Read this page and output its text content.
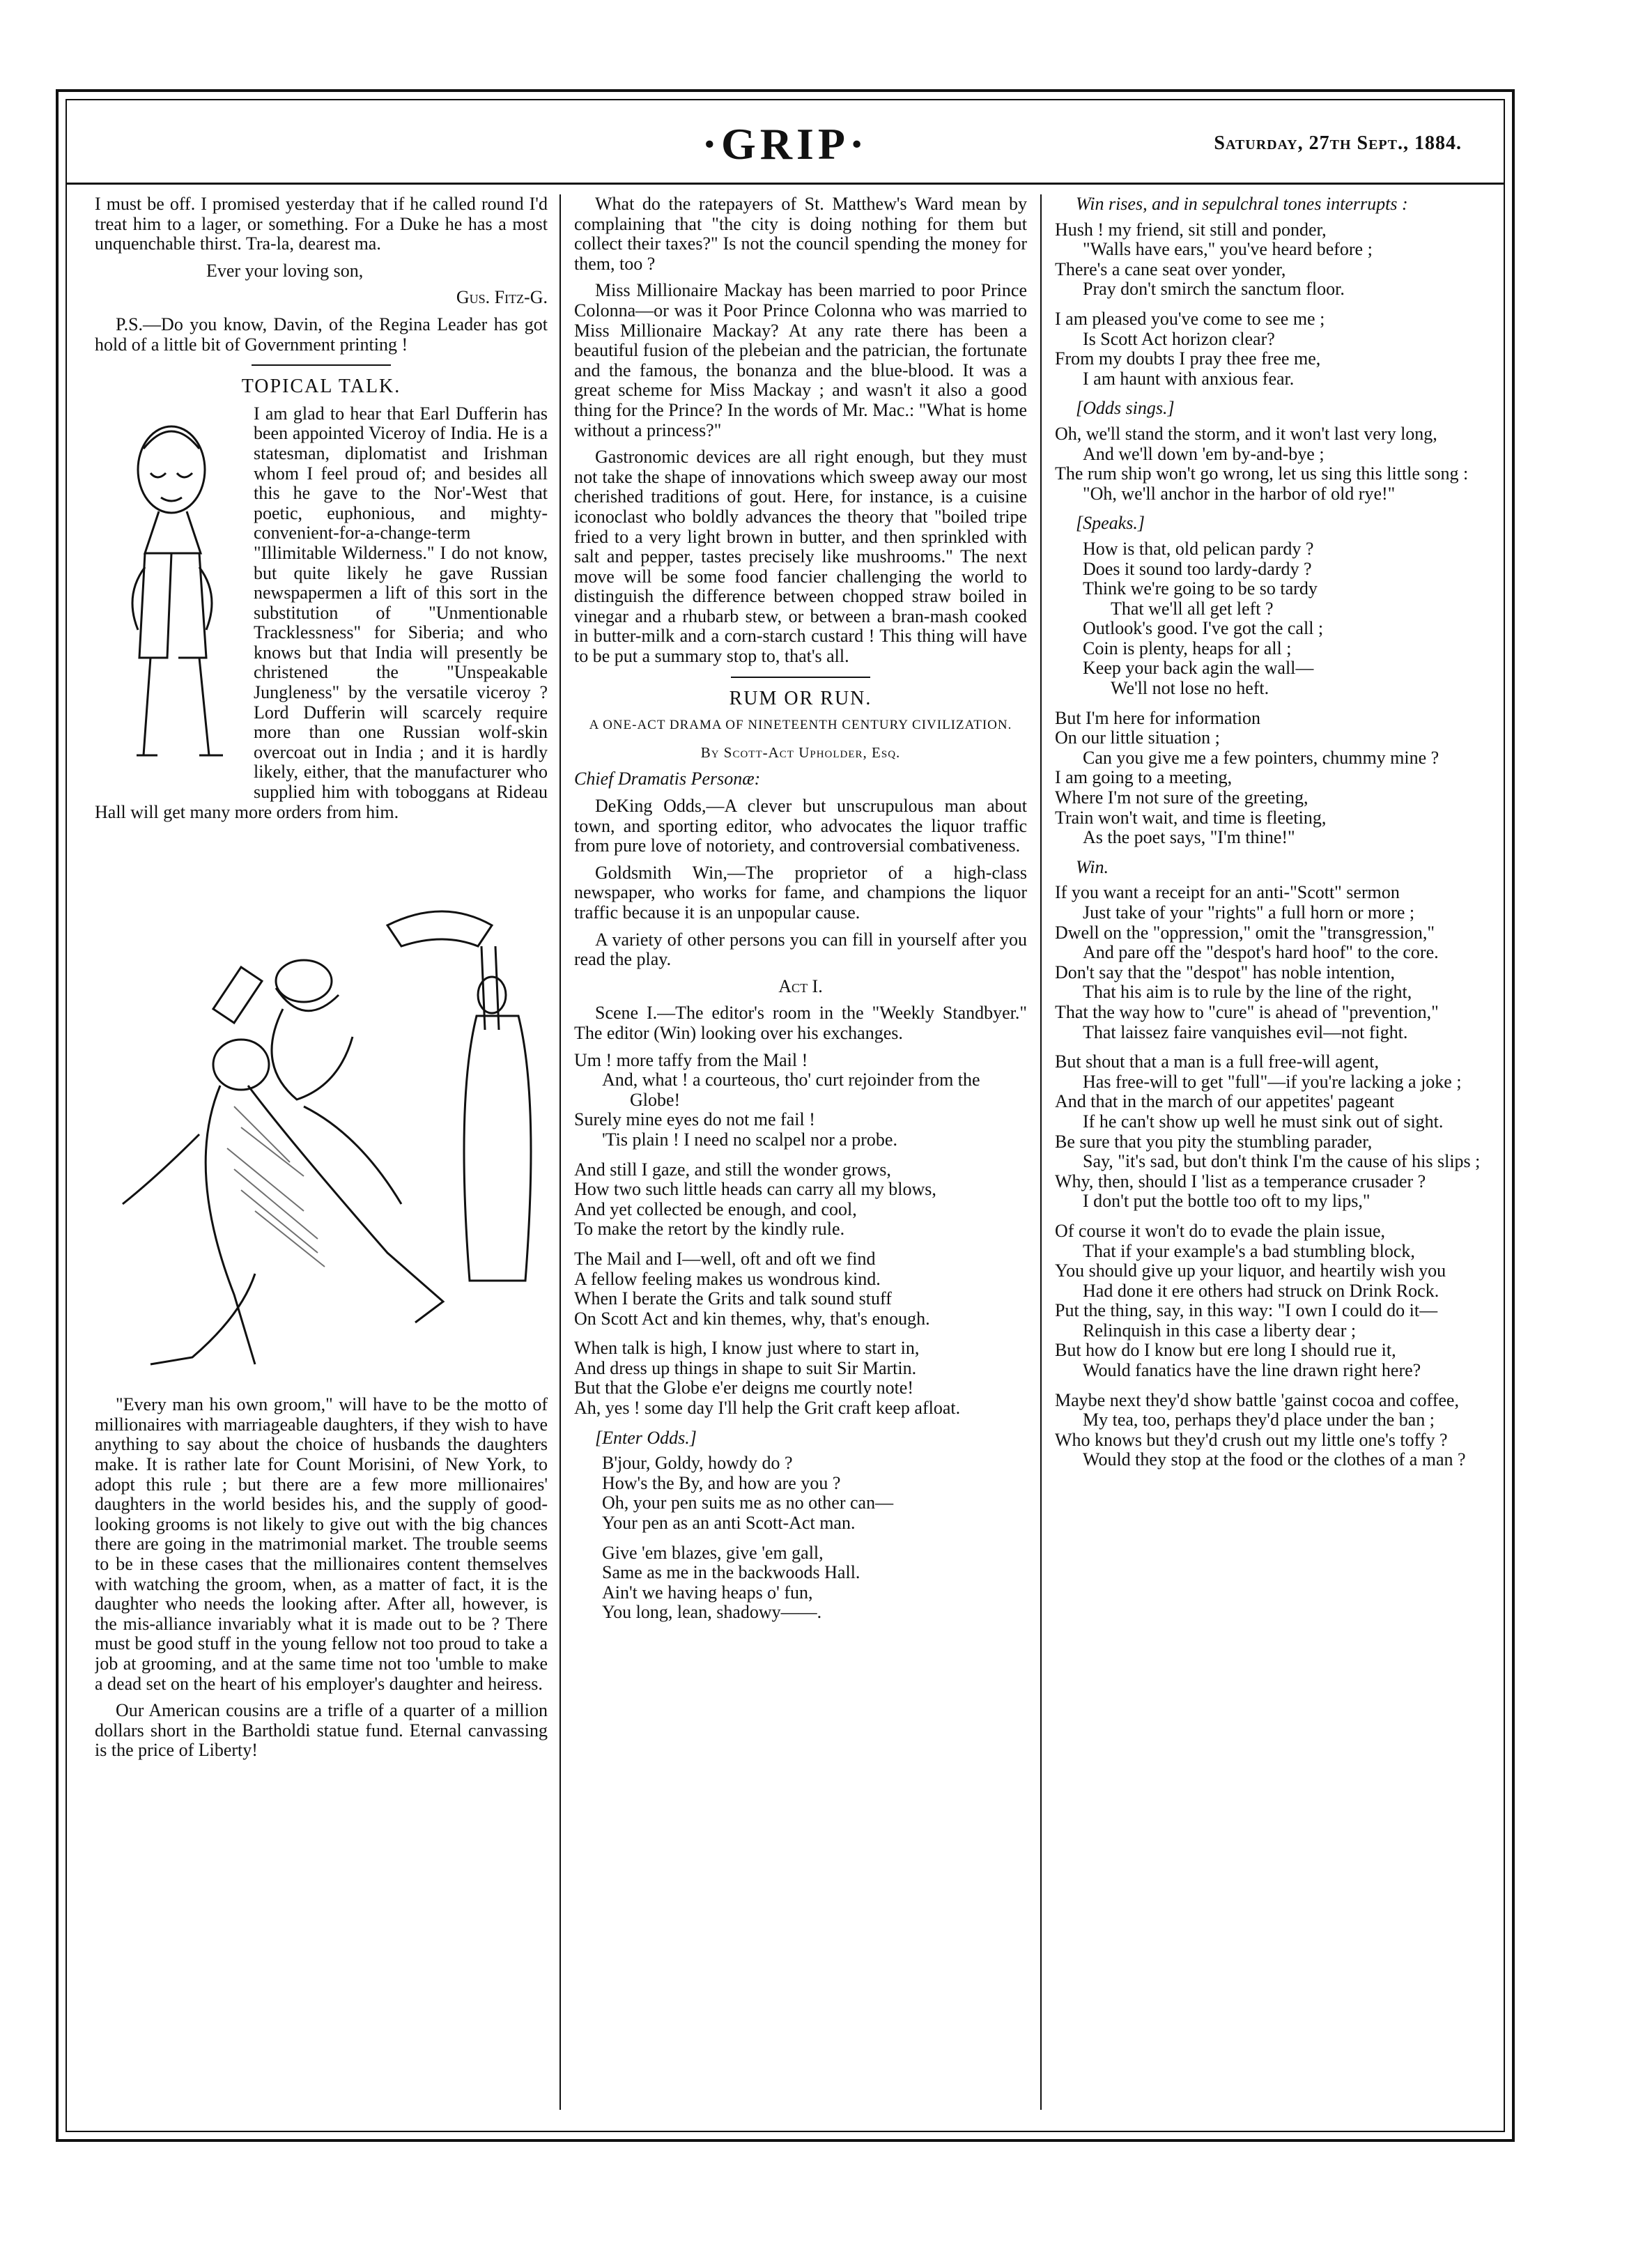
·GRIP·	Saturday, 27th Sept., 1884.

I must be off. I promised yesterday that if he called round I'd treat him to a lager, or something. For a Duke he has a most unquenchable thirst. Tra-la, dearest ma.

Ever your loving son,

Gus. Fitz-G.

P.S.—Do you know, Davin, of the Regina Leader has got hold of a little bit of Government printing !

TOPICAL TALK.

I am glad to hear that Earl Dufferin has been appointed Viceroy of India. He is a statesman, diplomatist and Irishman whom I feel proud of; and besides all this he gave to the Nor'-West that poetic, euphonious, and mighty-convenient-for-a-change-term "Illimitable Wilderness." I do not know, but quite likely he gave Russian newspapermen a lift of this sort in the substitution of "Unmentionable Tracklessness" for Siberia; and who knows but that India will presently be christened the "Unspeakable Jungleness" by the versatile viceroy ? Lord Dufferin will scarcely require more than one Russian wolf-skin overcoat out in India ; and it is hardly likely, either, that the manufacturer who supplied him with toboggans at Rideau Hall will get many more orders from him.

"Every man his own groom," will have to be the motto of millionaires with marriageable daughters, if they wish to have anything to say about the choice of husbands the daughters make. It is rather late for Count Morisini, of New York, to adopt this rule ; but there are a few more millionaires' daughters in the world besides his, and the supply of good-looking grooms is not likely to give out with the big chances there are going in the matrimonial market. The trouble seems to be in these cases that the millionaires content themselves with watching the groom, when, as a matter of fact, it is the daughter who needs the looking after. After all, however, is the mis-alliance invariably what it is made out to be ? There must be good stuff in the young fellow not too proud to take a job at grooming, and at the same time not too 'umble to make a dead set on the heart of his employer's daughter and heiress.

Our American cousins are a trifle of a quarter of a million dollars short in the Bartholdi statue fund. Eternal canvassing is the price of Liberty!

What do the ratepayers of St. Matthew's Ward mean by complaining that "the city is doing nothing for them but collect their taxes?" Is not the council spending the money for them, too ?

Miss Millionaire Mackay has been married to poor Prince Colonna—or was it Poor Prince Colonna who was married to Miss Millionaire Mackay? At any rate there has been a beautiful fusion of the plebeian and the patrician, the fortunate and the famous, the bonanza and the blue-blood. It was a great scheme for Miss Mackay ; and wasn't it also a good thing for the Prince? In the words of Mr. Mac.: "What is home without a princess?"

Gastronomic devices are all right enough, but they must not take the shape of innovations which sweep away our most cherished traditions of gout. Here, for instance, is a cuisine iconoclast who boldly advances the theory that "boiled tripe fried to a very light brown in butter, and then sprinkled with salt and pepper, tastes precisely like mushrooms." The next move will be some food fancier challenging the world to distinguish the difference between chopped straw boiled in vinegar and a rhubarb stew, or between a bran-mash cooked in butter-milk and a corn-starch custard ! This thing will have to be put a summary stop to, that's all.

RUM OR RUN.

A ONE-ACT DRAMA OF NINETEENTH CENTURY CIVILIZATION.

By Scott-Act Upholder, Esq.

Chief Dramatis Personæ:

DeKing Odds,—A clever but unscrupulous man about town, and sporting editor, who advocates the liquor traffic from pure love of notoriety, and controversial combativeness.

Goldsmith Win,—The proprietor of a high-class newspaper, who works for fame, and champions the liquor traffic because it is an unpopular cause.

A variety of other persons you can fill in yourself after you read the play.

Act I.

Scene I.—The editor's room in the "Weekly Standbyer." The editor (Win) looking over his exchanges.

Um ! more taffy from the Mail !
And, what ! a courteous, tho' curt rejoinder from the Globe!
Surely mine eyes do not me fail !
'Tis plain ! I need no scalpel nor a probe.
And still I gaze, and still the wonder grows,
How two such little heads can carry all my blows,
And yet collected be enough, and cool,
To make the retort by the kindly rule.
The Mail and I—well, oft and oft we find
A fellow feeling makes us wondrous kind.
When I berate the Grits and talk sound stuff
On Scott Act and kin themes, why, that's enough.
When talk is high, I know just where to start in,
And dress up things in shape to suit Sir Martin.
But that the Globe e'er deigns me courtly note!
Ah, yes ! some day I'll help the Grit craft keep afloat.

[Enter Odds.]

B'jour, Goldy, howdy do ?
How's the By, and how are you ?
Oh, your pen suits me as no other can—
Your pen as an anti Scott-Act man.
Give 'em blazes, give 'em gall,
Same as me in the backwoods Hall.
Ain't we having heaps o' fun,
You long, lean, shadowy——.

Win rises, and in sepulchral tones interrupts :

Hush ! my friend, sit still and ponder,
"Walls have ears," you've heard before ;
There's a cane seat over yonder,
Pray don't smirch the sanctum floor.
I am pleased you've come to see me ;
Is Scott Act horizon clear?
From my doubts I pray thee free me,
I am haunt with anxious fear.

[Odds sings.]

Oh, we'll stand the storm, and it won't last very long,
And we'll down 'em by-and-bye ;
The rum ship won't go wrong, let us sing this little song :
"Oh, we'll anchor in the harbor of old rye!"

[Speaks.]

How is that, old pelican pardy ?
Does it sound too lardy-dardy ?
Think we're going to be so tardy
That we'll all get left ?
Outlook's good. I've got the call ;
Coin is plenty, heaps for all ;
Keep your back agin the wall—
We'll not lose no heft.
But I'm here for information
On our little situation ;
Can you give me a few pointers, chummy mine ?
I am going to a meeting,
Where I'm not sure of the greeting,
Train won't wait, and time is fleeting,
As the poet says, "I'm thine!"

Win.

If you want a receipt for an anti-"Scott" sermon
Just take of your "rights" a full horn or more ;
Dwell on the "oppression," omit the "transgression,"
And pare off the "despot's hard hoof" to the core.
Don't say that the "despot" has noble intention,
That his aim is to rule by the line of the right,
That the way how to "cure" is ahead of "prevention,"
That laissez faire vanquishes evil—not fight.
But shout that a man is a full free-will agent,
Has free-will to get "full"—if you're lacking a joke ;
And that in the march of our appetites' pageant
If he can't show up well he must sink out of sight.
Be sure that you pity the stumbling parader,
Say, "it's sad, but don't think I'm the cause of his slips ;
Why, then, should I 'list as a temperance crusader ?
I don't put the bottle too oft to my lips,"
Of course it won't do to evade the plain issue,
That if your example's a bad stumbling block,
You should give up your liquor, and heartily wish you
Had done it ere others had struck on Drink Rock.
Put the thing, say, in this way: "I own I could do it—
Relinquish in this case a liberty dear ;
But how do I know but ere long I should rue it,
Would fanatics have the line drawn right here?
Maybe next they'd show battle 'gainst cocoa and coffee,
My tea, too, perhaps they'd place under the ban ;
Who knows but they'd crush out my little one's toffy ?
Would they stop at the food or the clothes of a man ?
